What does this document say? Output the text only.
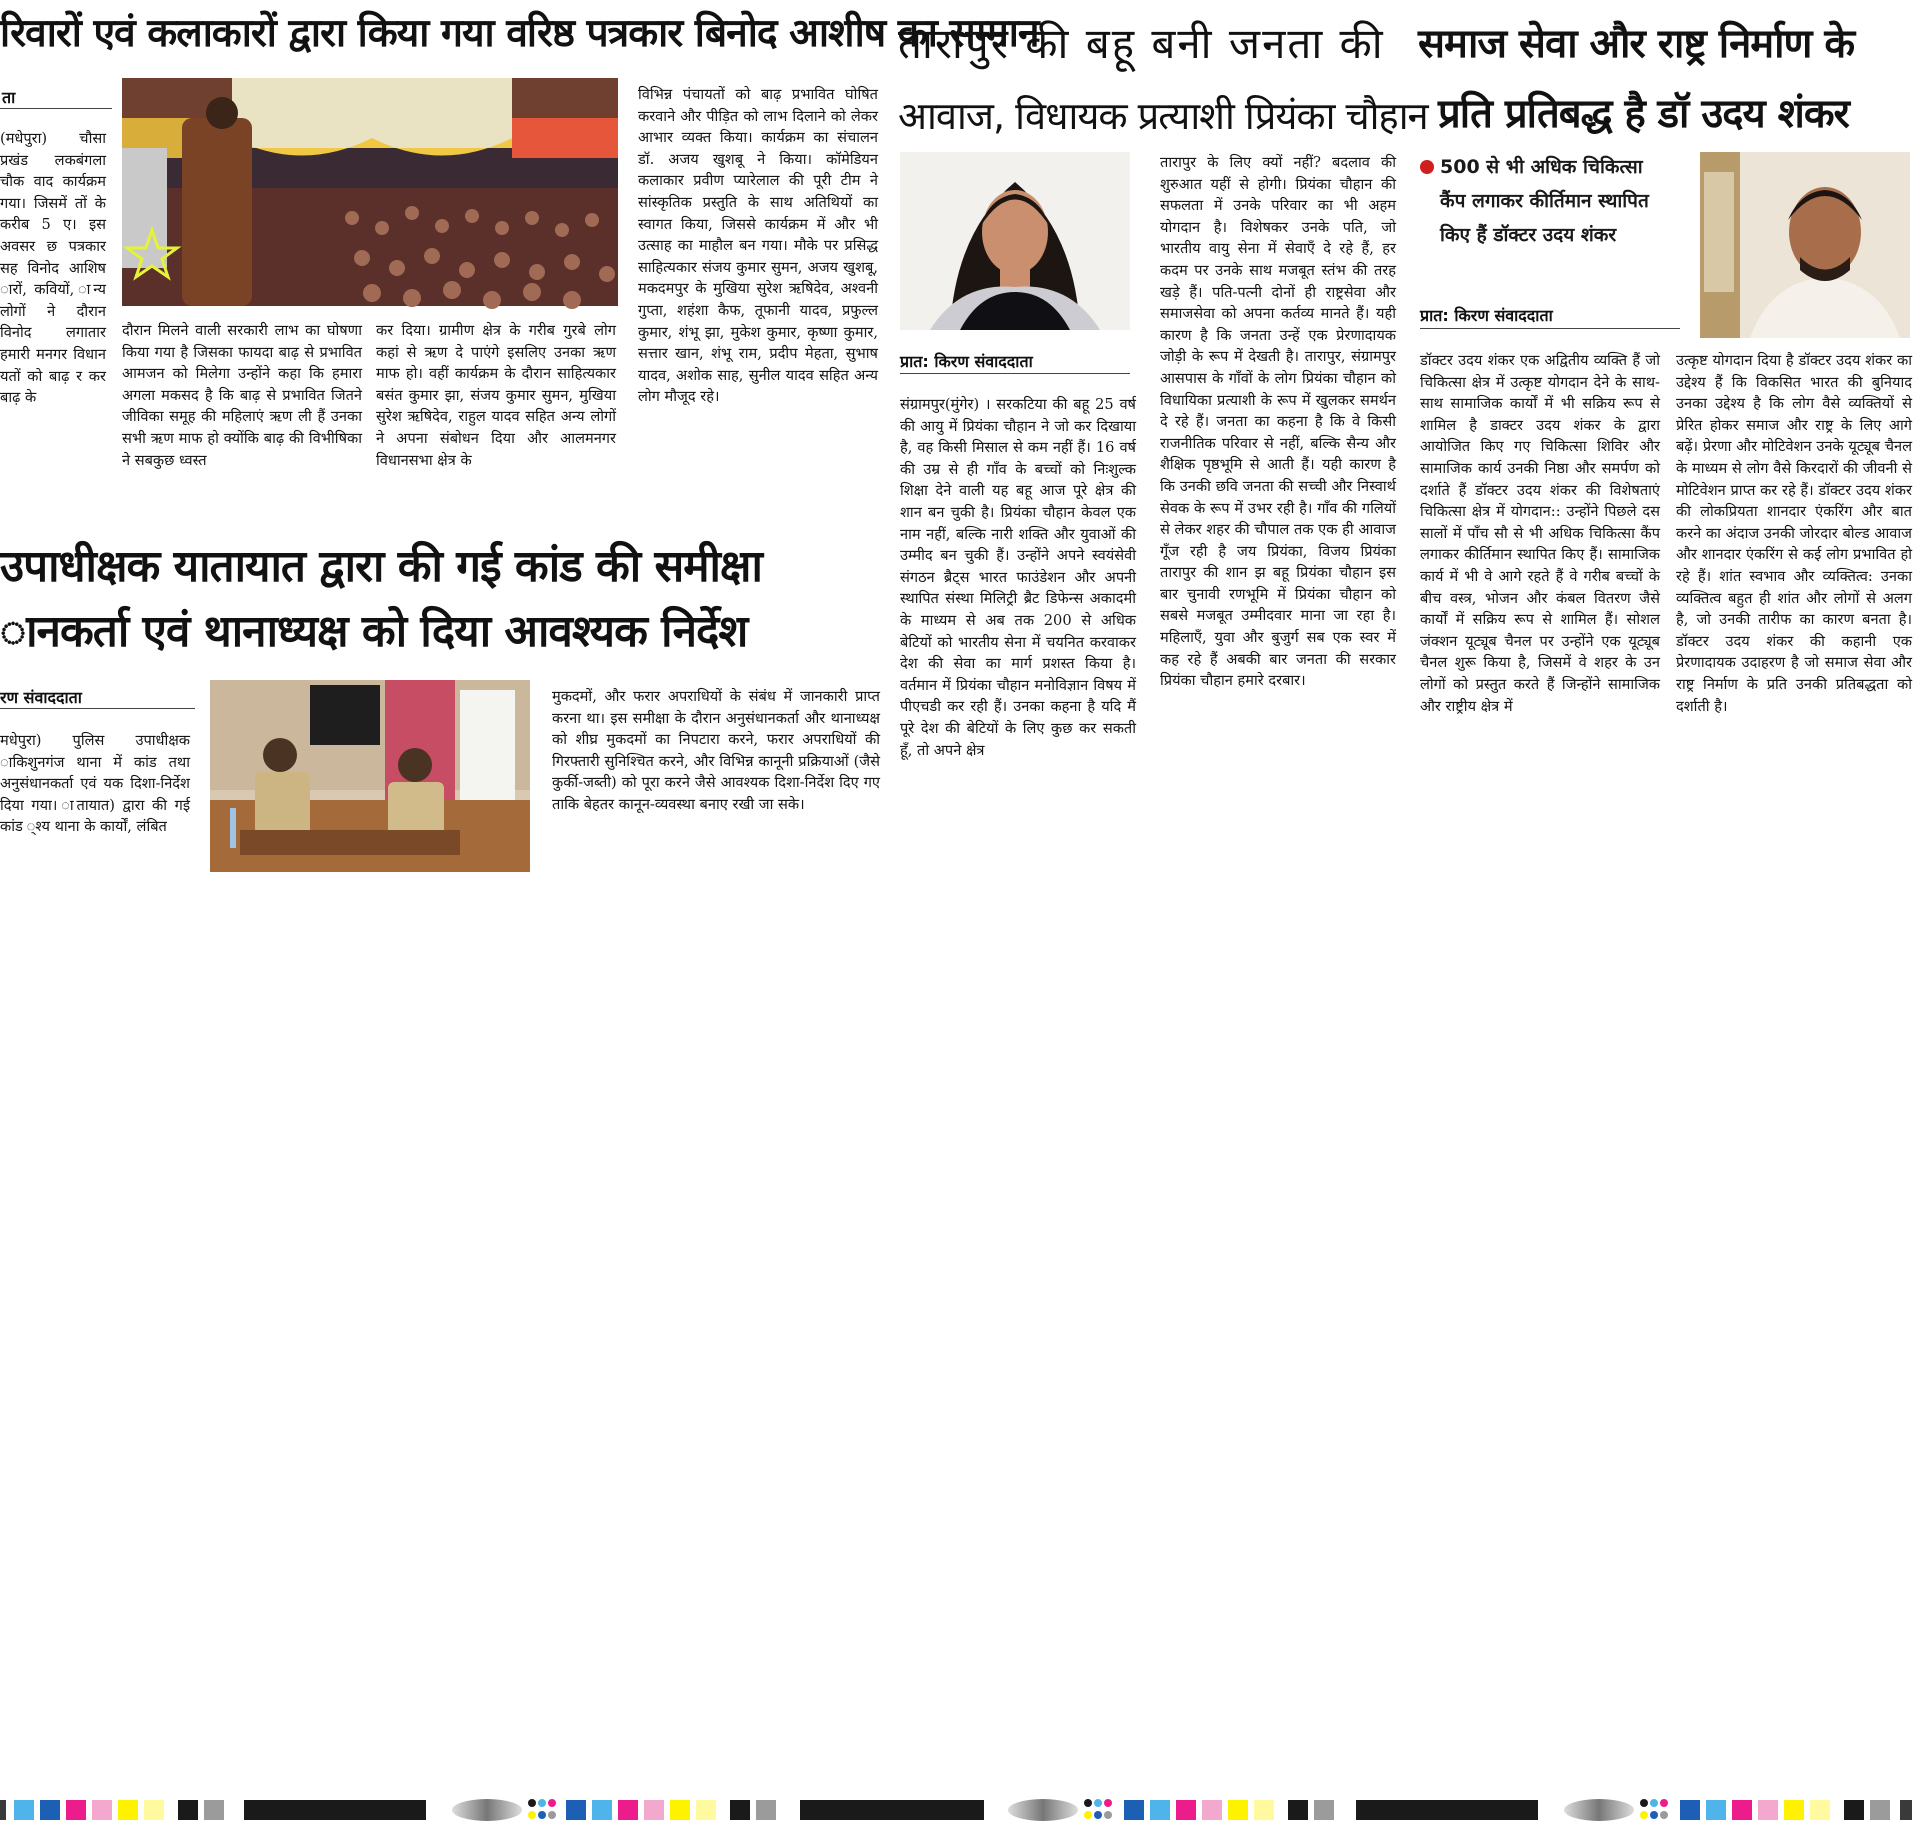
रिवारों एवं कलाकारों द्वारा किया गया वरिष्ठ पत्रकार बिनोद आशीष का सम्मान
ता
(मधेपुरा) चौसा प्रखंड लकबंगला चौक वाद कार्यक्रम गया। जिसमें तों के करीब 5 ए। इस अवसर छ पत्रकार सह विनोद आशिष ारों, कवियों, ान्य लोगों ने दौरान विनोद लगातार हमारी मनगर विधान यतों को बाढ़ र कर बाढ़ के
दौरान मिलने वाली सरकारी लाभ का घोषणा किया गया है जिसका फायदा बाढ़ से प्रभावित आमजन को मिलेगा उन्होंने कहा कि हमारा अगला मकसद है कि बाढ़ से प्रभावित जितने जीविका समूह की महिलाएं ऋण ली हैं उनका सभी ऋण माफ हो क्योंकि बाढ़ की विभीषिका ने सबकुछ ध्वस्त
कर दिया। ग्रामीण क्षेत्र के गरीब गुरबे लोग कहां से ऋण दे पाएंगे इसलिए उनका ऋण माफ हो। वहीं कार्यक्रम के दौरान साहित्यकार बसंत कुमार झा, संजय कुमार सुमन, मुखिया सुरेश ऋषिदेव, राहुल यादव सहित अन्य लोगों ने अपना संबोधन दिया और आलमनगर विधानसभा क्षेत्र के
विभिन्न पंचायतों को बाढ़ प्रभावित घोषित करवाने और पीड़ित को लाभ दिलाने को लेकर आभार व्यक्त किया। कार्यक्रम का संचालन डॉ. अजय खुशबू ने किया। कॉमेडियन कलाकार प्रवीण प्यारेलाल की पूरी टीम ने सांस्कृतिक प्रस्तुति के साथ अतिथियों का स्वागत किया, जिससे कार्यक्रम में और भी उत्साह का माहौल बन गया। मौके पर प्रसिद्ध साहित्यकार संजय कुमार सुमन, अजय खुशबू, मकदमपुर के मुखिया सुरेश ऋषिदेव, अश्वनी गुप्ता, शहंशा कैफ, तूफानी यादव, प्रफुल्ल कुमार, शंभू झा, मुकेश कुमार, कृष्णा कुमार, सत्तार खान, शंभू राम, प्रदीप मेहता, सुभाष यादव, अशोक साह, सुनील यादव सहित अन्य लोग मौजूद रहे।
उपाधीक्षक यातायात द्वारा की गई कांड की समीक्षा
ानकर्ता एवं थानाध्यक्ष को दिया आवश्यक निर्देश
रण संवाददाता
मधेपुरा) पुलिस उपाधीक्षक ाकिशुनगंज थाना में कांड तथा अनुसंधानकर्ता एवं यक दिशा-निर्देश दिया गया। ातायात) द्वारा की गई कांड ्श्य थाना के कार्यों, लंबित
मुकदमों, और फरार अपराधियों के संबंध में जानकारी प्राप्त करना था। इस समीक्षा के दौरान अनुसंधानकर्ता और थानाध्यक्ष को शीघ्र मुकदमों का निपटारा करने, फरार अपराधियों की गिरफ्तारी सुनिश्चित करने, और विभिन्न कानूनी प्रक्रियाओं (जैसे कुर्की-जब्ती) को पूरा करने जैसे आवश्यक दिशा-निर्देश दिए गए ताकि बेहतर कानून-व्यवस्था बनाए रखी जा सके।
तारापुर की बहू बनी जनता की
आवाज, विधायक प्रत्याशी प्रियंका चौहान
प्रात: किरण संवाददाता
संग्रामपुर(मुंगेर) । सरकटिया की बहू 25 वर्ष की आयु में प्रियंका चौहान ने जो कर दिखाया है, वह किसी मिसाल से कम नहीं हैं। 16 वर्ष की उम्र से ही गाँव के बच्चों को निःशुल्क शिक्षा देने वाली यह बहू आज पूरे क्षेत्र की शान बन चुकी है। प्रियंका चौहान केवल एक नाम नहीं, बल्कि नारी शक्ति और युवाओं की उम्मीद बन चुकी हैं। उन्होंने अपने स्वयंसेवी संगठन ब्रैट्स भारत फाउंडेशन और अपनी स्थापित संस्था मिलिट्री ब्रैट डिफेन्स अकादमी के माध्यम से अब तक 200 से अधिक बेटियों को भारतीय सेना में चयनित करवाकर देश की सेवा का मार्ग प्रशस्त किया है। वर्तमान में प्रियंका चौहान मनोविज्ञान विषय में पीएचडी कर रही हैं। उनका कहना है यदि मैं पूरे देश की बेटियों के लिए कुछ कर सकती हूँ, तो अपने क्षेत्र
तारापुर के लिए क्यों नहीं? बदलाव की शुरुआत यहीं से होगी। प्रियंका चौहान की सफलता में उनके परिवार का भी अहम योगदान है। विशेषकर उनके पति, जो भारतीय वायु सेना में सेवाएँ दे रहे हैं, हर कदम पर उनके साथ मजबूत स्तंभ की तरह खड़े हैं। पति-पत्नी दोनों ही राष्ट्रसेवा और समाजसेवा को अपना कर्तव्य मानते हैं। यही कारण है कि जनता उन्हें एक प्रेरणादायक जोड़ी के रूप में देखती है। तारापुर, संग्रामपुर आसपास के गाँवों के लोग प्रियंका चौहान को विधायिका प्रत्याशी के रूप में खुलकर समर्थन दे रहे हैं। जनता का कहना है कि वे किसी राजनीतिक परिवार से नहीं, बल्कि सैन्य और शैक्षिक पृष्ठभूमि से आती हैं। यही कारण है कि उनकी छवि जनता की सच्ची और निस्वार्थ सेवक के रूप में उभर रही है। गाँव की गलियों से लेकर शहर की चौपाल तक एक ही आवाज गूँज रही है जय प्रियंका, विजय प्रियंका तारापुर की शान झ बहू प्रियंका चौहान इस बार चुनावी रणभूमि में प्रियंका चौहान को सबसे मजबूत उम्मीदवार माना जा रहा है। महिलाएँ, युवा और बुजुर्ग सब एक स्वर में कह रहे हैं अबकी बार जनता की सरकार प्रियंका चौहान हमारे दरबार।
समाज सेवा और राष्ट्र निर्माण के
प्रति प्रतिबद्ध है डॉ उदय शंकर
500 से भी अधिक चिकित्सा कैंप लगाकर कीर्तिमान स्थापित किए हैं डॉक्टर उदय शंकर
प्रात: किरण संवाददाता
डॉक्टर उदय शंकर एक अद्वितीय व्यक्ति हैं जो चिकित्सा क्षेत्र में उत्कृष्ट योगदान देने के साथ-साथ सामाजिक कार्यों में भी सक्रिय रूप से शामिल है डाक्टर उदय शंकर के द्वारा आयोजित किए गए चिकित्सा शिविर और सामाजिक कार्य उनकी निष्ठा और समर्पण को दर्शाते हैं डॉक्टर उदय शंकर की विशेषताएं चिकित्सा क्षेत्र में योगदान:: उन्होंने पिछले दस सालों में पाँच सौ से भी अधिक चिकित्सा कैंप लगाकर कीर्तिमान स्थापित किए हैं। सामाजिक कार्य में भी वे आगे रहते हैं वे गरीब बच्चों के बीच वस्त्र, भोजन और कंबल वितरण जैसे कार्यों में सक्रिय रूप से शामिल हैं। सोशल जंक्शन यूट्यूब चैनल पर उन्होंने एक यूट्यूब चैनल शुरू किया है, जिसमें वे शहर के उन लोगों को प्रस्तुत करते हैं जिन्होंने सामाजिक और राष्ट्रीय क्षेत्र में
उत्कृष्ट योगदान दिया है डॉक्टर उदय शंकर का उद्देश्य हैं कि विकसित भारत की बुनियाद उनका उद्देश्य है कि लोग वैसे व्यक्तियों से प्रेरित होकर समाज और राष्ट्र के लिए आगे बढ़ें। प्रेरणा और मोटिवेशन उनके यूट्यूब चैनल के माध्यम से लोग वैसे किरदारों की जीवनी से मोटिवेशन प्राप्त कर रहे हैं। डॉक्टर उदय शंकर की लोकप्रियता शानदार एंकरिंग और बात करने का अंदाज उनकी जोरदार बोल्ड आवाज और शानदार एंकरिंग से कई लोग प्रभावित हो रहे हैं। शांत स्वभाव और व्यक्तित्व: उनका व्यक्तित्व बहुत ही शांत और लोगों से अलग है, जो उनकी तारीफ का कारण बनता है। डॉक्टर उदय शंकर की कहानी एक प्रेरणादायक उदाहरण है जो समाज सेवा और राष्ट्र निर्माण के प्रति उनकी प्रतिबद्धता को दर्शाती है।
